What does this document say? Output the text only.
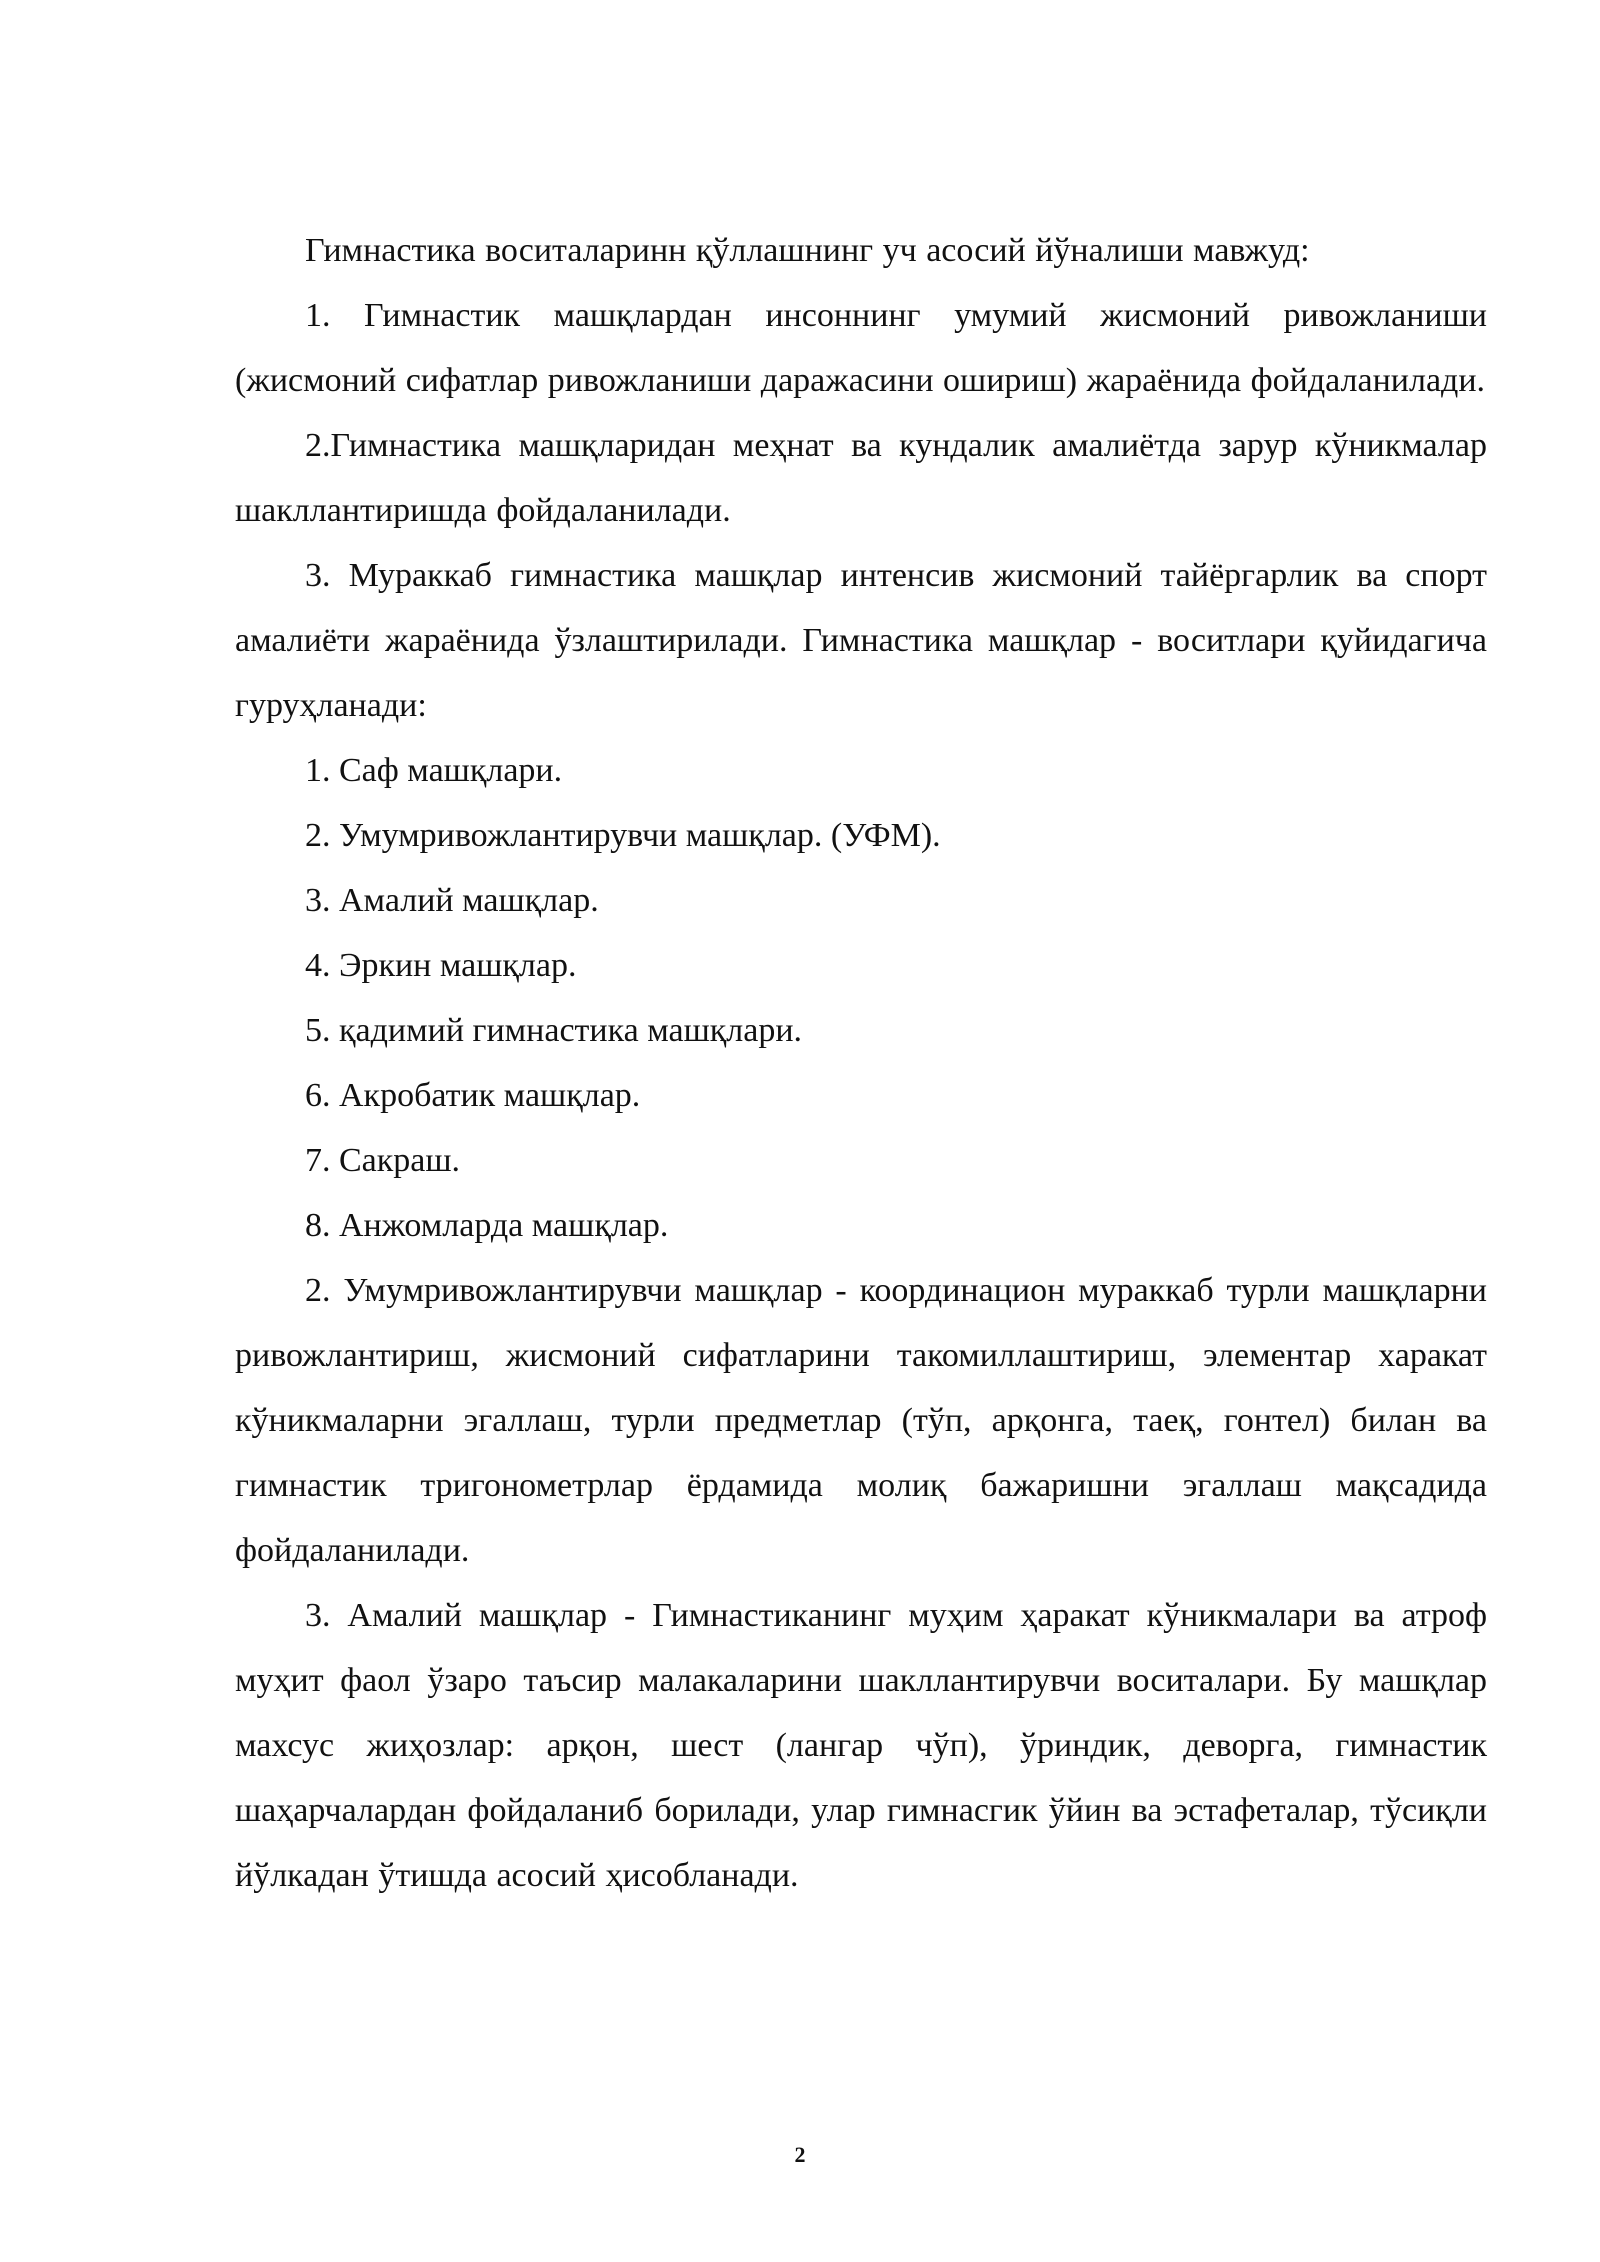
Гимнастика воситаларинн қўллашнинг уч асосий йўналиши мавжуд:

1. Гимнастик машқлардан инсоннинг умумий жисмоний ривожланиши (жисмоний сифатлар ривожланиши даражасини ошириш) жараёнида фойдаланилади.

2.Гимнастика машқларидан меҳнат ва кундалик амалиётда зарур кўникмалар шакллантиришда фойдаланилади.

3. Мураккаб гимнастика машқлар интенсив жисмоний тайёргарлик ва спорт амалиёти жараёнида ўзлаштирилади. Гимнастика машқлар - воситлари қуйидагича гуруҳланади:

1. Саф машқлари.

2. Умумривожлантирувчи машқлар. (УФМ).

3. Амалий машқлар.

4. Эркин машқлар.

5. қадимий гимнастика машқлари.

6. Акробатик машқлар.

7. Сакраш.

8. Анжомларда машқлар.

2. Умумривожлантирувчи машқлар - координацион мураккаб турли машқларни ривожлантириш, жисмоний сифатларини такомиллаштириш, элементар харакат кўникмаларни эгаллаш, турли предметлар (тўп, арқонга, таеқ, гонтел) билан ва гимнастик тригонометрлар ёрдамида молиқ бажаришни эгаллаш мақсадида фойдаланилади.

3. Амалий машқлар - Гимнастиканинг муҳим ҳаракат кўникмалари ва атроф муҳит фаол ўзаро таъсир малакаларини шакллантирувчи воситалари. Бу машқлар махсус жиҳозлар: арқон, шест (лангар чўп), ўриндик, деворга, гимнастик шаҳарчалардан фойдаланиб борилади, улар гимнасгик ўйин ва эстафеталар, тўсиқли йўлкадан ўтишда асосий ҳисобланади.

2
